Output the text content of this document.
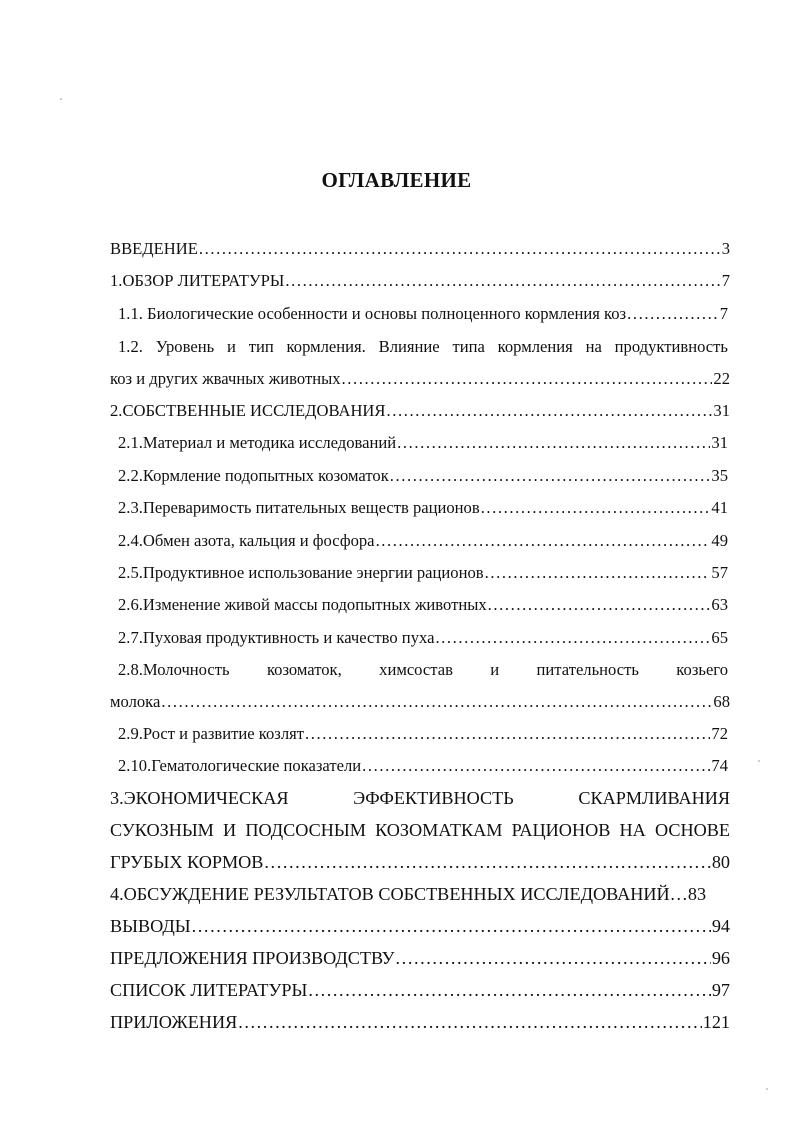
ОГЛАВЛЕНИЕ
ВВЕДЕНИЕ .....	3
1.ОБЗОР ЛИТЕРАТУРЫ .....	7
1.1. Биологические особенности и основы полноценного кормления коз .....	7
1.2. Уровень и тип кормления. Влияние типа кормления на продуктивность
коз и других жвачных животных .....	22
2.СОБСТВЕННЫЕ ИССЛЕДОВАНИЯ .....	31
2.1.Материал и методика исследований .....	31
2.2.Кормление подопытных козоматок .....	35
2.3.Переваримость питательных веществ рационов .....	41
2.4.Обмен азота, кальция и фосфора .....	49
2.5.Продуктивное использование энергии рационов .....	57
2.6.Изменение живой массы подопытных животных .....	63
2.7.Пуховая продуктивность и качество пуха .....	65
2.8.Молочность козоматок, химсостав и питательность козьего
молока .....	68
2.9.Рост и развитие козлят .....	72
2.10.Гематологические показатели .....	74
3.ЭКОНОМИЧЕСКАЯ ЭФФЕКТИВНОСТЬ СКАРМЛИВАНИЯ
СУКОЗНЫМ И ПОДСОСНЫМ КОЗОМАТКАМ РАЦИОНОВ НА ОСНОВЕ
ГРУБЫХ КОРМОВ .....	80
4.ОБСУЖДЕНИЕ РЕЗУЛЬТАТОВ СОБСТВЕННЫХ ИССЛЕДОВАНИЙ… 83
ВЫВОДЫ .....	94
ПРЕДЛОЖЕНИЯ ПРОИЗВОДСТВУ .....	96
СПИСОК ЛИТЕРАТУРЫ .....	97
ПРИЛОЖЕНИЯ .....	121
